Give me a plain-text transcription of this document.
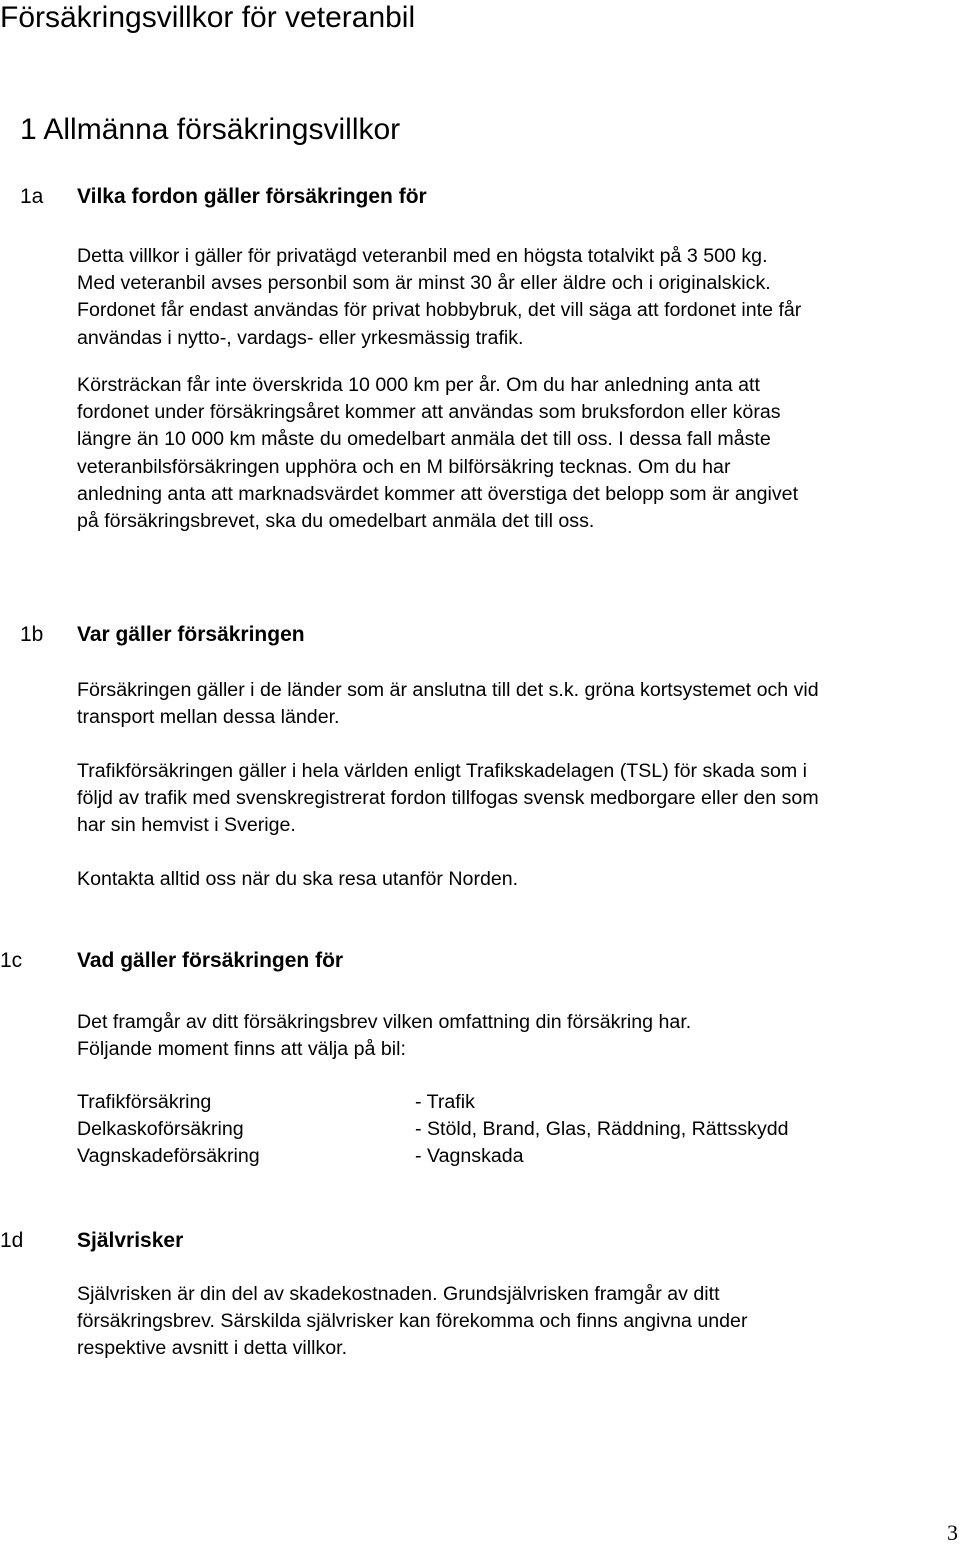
Försäkringsvillkor för veteranbil
1 Allmänna försäkringsvillkor
1a Vilka fordon gäller försäkringen för

Detta villkor i gäller för privatägd veteranbil med en högsta totalvikt på 3 500 kg.
Med veteranbil avses personbil som är minst 30 år eller äldre och i originalskick.
Fordonet får endast användas för privat hobbybruk, det vill säga att fordonet inte får
användas i nytto-, vardags- eller yrkesmässig trafik.

Körsträckan får inte överskrida 10 000 km per år. Om du har anledning anta att
fordonet under försäkringsåret kommer att användas som bruksfordon eller köras
längre än 10 000 km måste du omedelbart anmäla det till oss. I dessa fall måste
veteranbilsförsäkringen upphöra och en M bilförsäkring tecknas. Om du har
anledning anta att marknadsvärdet kommer att överstiga det belopp som är angivet
på försäkringsbrevet, ska du omedelbart anmäla det till oss.

1b Var gäller försäkringen

Försäkringen gäller i de länder som är anslutna till det s.k. gröna kortsystemet och vid
transport mellan dessa länder.

Trafikförsäkringen gäller i hela världen enligt Trafikskadelagen (TSL) för skada som i
följd av trafik med svenskregistrerat fordon tillfogas svensk medborgare eller den som
har sin hemvist i Sverige.

Kontakta alltid oss när du ska resa utanför Norden.

1c	Vad gäller försäkringen för

Det framgår av ditt försäkringsbrev vilken omfattning din försäkring har.
Följande moment finns att välja på bil:

Trafikförsäkring	- Trafik
Delkaskoförsäkring	- Stöld, Brand, Glas, Räddning, Rättsskydd
Vagnskadeförsäkring	- Vagnskada
1d	Självrisker

Självrisken är din del av skadekostnaden. Grundsjälvrisken framgår av ditt
försäkringsbrev. Särskilda självrisker kan förekomma och finns angivna under
respektive avsnitt i detta villkor.

3
